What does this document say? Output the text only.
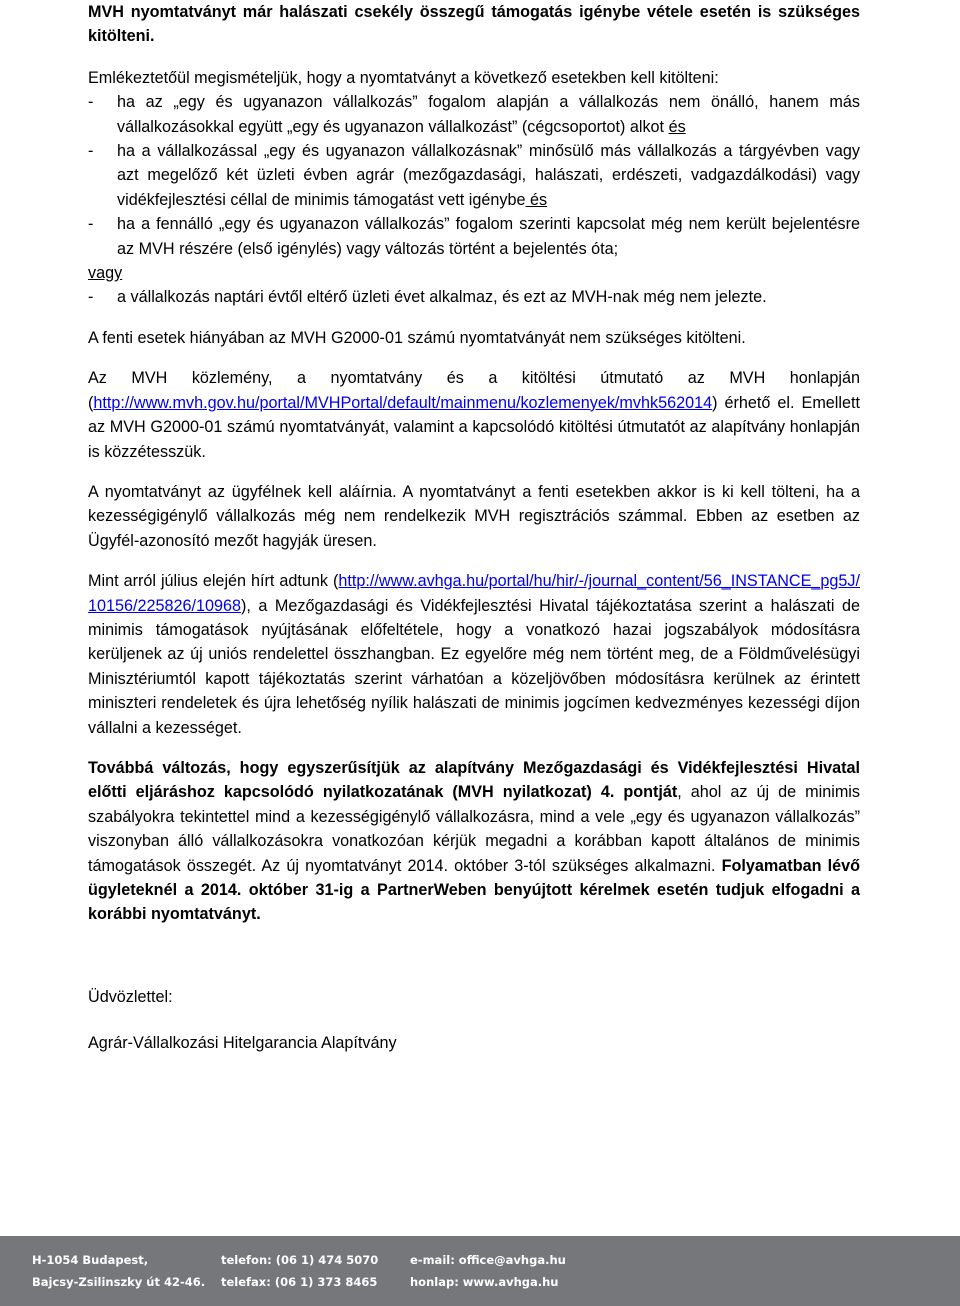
MVH nyomtatványt már halászati csekély összegű támogatás igénybe vétele esetén is szükséges kitölteni.

Emlékeztetőül megismételjük, hogy a nyomtatványt a következő esetekben kell kitölteni:

- ha az „egy és ugyanazon vállalkozás” fogalom alapján a vállalkozás nem önálló, hanem más vállalkozásokkal együtt „egy és ugyanazon vállalkozást” (cégcsoportot) alkot és
- ha a vállalkozással „egy és ugyanazon vállalkozásnak” minősülő más vállalkozás a tárgyévben vagy azt megelőző két üzleti évben agrár (mezőgazdasági, halászati, erdészeti, vadgazdálkodási) vagy vidékfejlesztési céllal de minimis támogatást vett igénybe és
- ha a fennálló „egy és ugyanazon vállalkozás” fogalom szerinti kapcsolat még nem került bejelentésre az MVH részére (első igénylés) vagy változás történt a bejelentés óta;

vagy

- a vállalkozás naptári évtől eltérő üzleti évet alkalmaz, és ezt az MVH-nak még nem jelezte.

A fenti esetek hiányában az MVH G2000-01 számú nyomtatványát nem szükséges kitölteni.

Az MVH közlemény, a nyomtatvány és a kitöltési útmutató az MVH honlapján (http://www.mvh.gov.hu/portal/MVHPortal/default/mainmenu/kozlemenyek/mvhk562014) érhető el. Emellett az MVH G2000-01 számú nyomtatványát, valamint a kapcsolódó kitöltési útmutatót az alapítvány honlapján is közzétesszük.

A nyomtatványt az ügyfélnek kell aláírnia. A nyomtatványt a fenti esetekben akkor is ki kell tölteni, ha a kezességigénylő vállalkozás még nem rendelkezik MVH regisztrációs számmal. Ebben az esetben az Ügyfél-azonosító mezőt hagyják üresen.

Mint arról július elején hírt adtunk (http://www.avhga.hu/portal/hu/hir/-/journal_content/56_INSTANCE_pg5J/10156/225826/10968), a Mezőgazdasági és Vidékfejlesztési Hivatal tájékoztatása szerint a halászati de minimis támogatások nyújtásának előfeltétele, hogy a vonatkozó hazai jogszabályok módosításra kerüljenek az új uniós rendelettel összhangban. Ez egyelőre még nem történt meg, de a Földművelésügyi Minisztériumtól kapott tájékoztatás szerint várhatóan a közeljövőben módosításra kerülnek az érintett miniszteri rendeletek és újra lehetőség nyílik halászati de minimis jogcímen kedvezményes kezességi díjon vállalni a kezességet.

Továbbá változás, hogy egyszerűsítjük az alapítvány Mezőgazdasági és Vidékfejlesztési Hivatal előtti eljáráshoz kapcsolódó nyilatkozatának (MVH nyilatkozat) 4. pontját, ahol az új de minimis szabályokra tekintettel mind a kezességigénylő vállalkozásra, mind a vele „egy és ugyanazon vállalkozás” viszonyban álló vállalkozásokra vonatkozóan kérjük megadni a korábban kapott általános de minimis támogatások összegét. Az új nyomtatványt 2014. október 3-tól szükséges alkalmazni. Folyamatban lévő ügyleteknél a 2014. október 31-ig a PartnerWeben benyújtott kérelmek esetén tudjuk elfogadni a korábbi nyomtatványt.

Üdvözlettel:

Agrár-Vállalkozási Hitelgarancia Alapítvány

H-1054 Budapest,
Bajcsy-Zsilinszky út 42-46.
telefon: (06 1) 474 5070
telefax: (06 1) 373 8465
e-mail: office@avhga.hu
honlap: www.avhga.hu
